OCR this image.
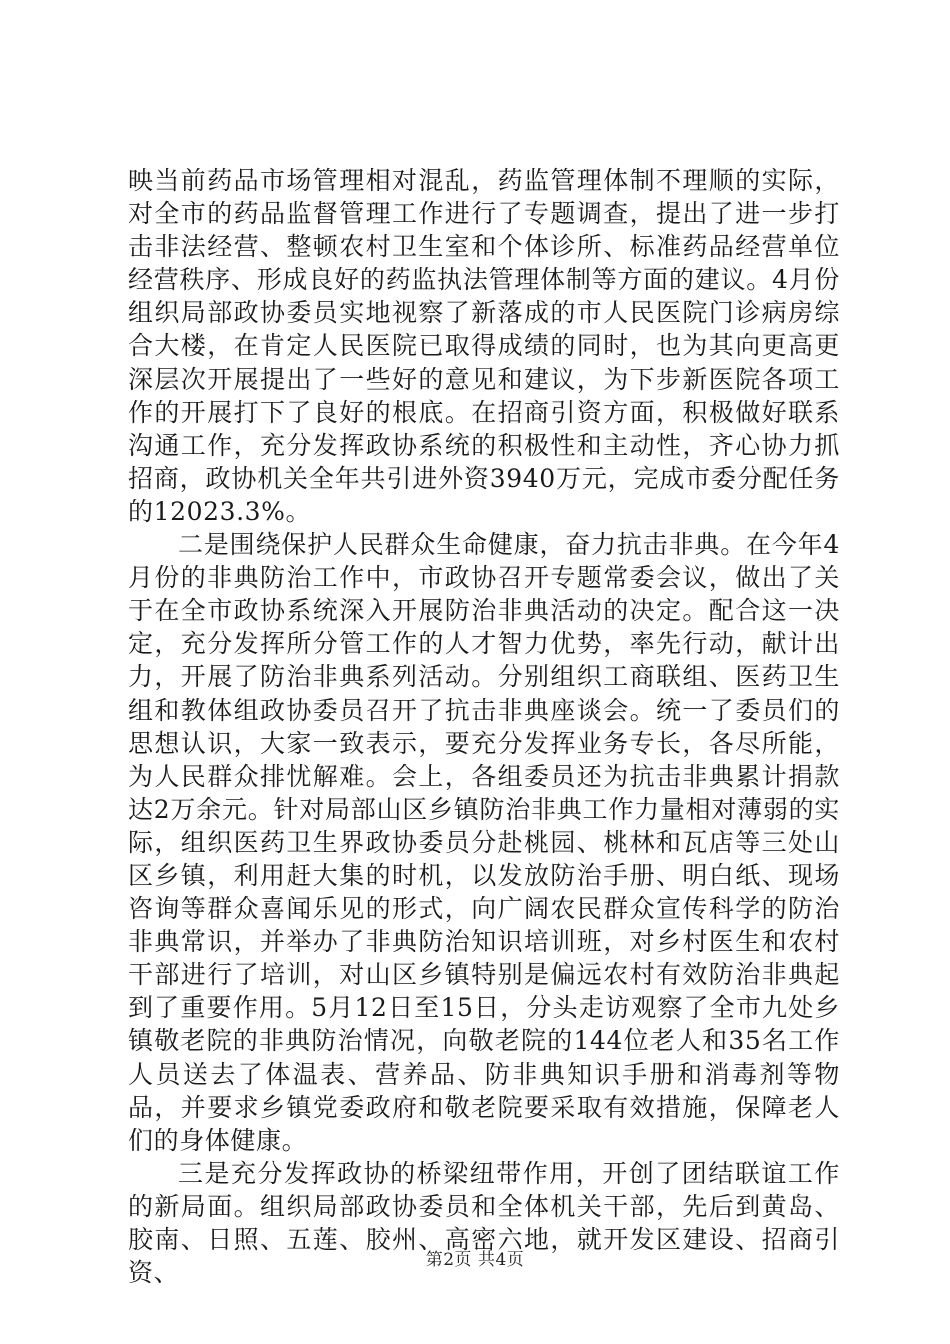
映当前药品市场管理相对混乱，药监管理体制不理顺的实际，对全市的药品监督管理工作进行了专题调查，提出了进一步打击非法经营、整顿农村卫生室和个体诊所、标准药品经营单位经营秩序、形成良好的药监执法管理体制等方面的建议。4月份组织局部政协委员实地视察了新落成的市人民医院门诊病房综合大楼，在肯定人民医院已取得成绩的同时，也为其向更高更深层次开展提出了一些好的意见和建议，为下步新医院各项工作的开展打下了良好的根底。在招商引资方面，积极做好联系沟通工作，充分发挥政协系统的积极性和主动性，齐心协力抓招商，政协机关全年共引进外资3940万元，完成市委分配任务的12023.3%。

二是围绕保护人民群众生命健康，奋力抗击非典。在今年4月份的非典防治工作中，市政协召开专题常委会议，做出了关于在全市政协系统深入开展防治非典活动的决定。配合这一决定，充分发挥所分管工作的人才智力优势，率先行动，献计出力，开展了防治非典系列活动。分别组织工商联组、医药卫生组和教体组政协委员召开了抗击非典座谈会。统一了委员们的思想认识，大家一致表示，要充分发挥业务专长，各尽所能，为人民群众排忧解难。会上，各组委员还为抗击非典累计捐款达2万余元。针对局部山区乡镇防治非典工作力量相对薄弱的实际，组织医药卫生界政协委员分赴桃园、桃林和瓦店等三处山区乡镇，利用赶大集的时机，以发放防治手册、明白纸、现场咨询等群众喜闻乐见的形式，向广阔农民群众宣传科学的防治非典常识，并举办了非典防治知识培训班，对乡村医生和农村干部进行了培训，对山区乡镇特别是偏远农村有效防治非典起到了重要作用。5月12日至15日，分头走访观察了全市九处乡镇敬老院的非典防治情况，向敬老院的144位老人和35名工作人员送去了体温表、营养品、防非典知识手册和消毒剂等物品，并要求乡镇党委政府和敬老院要采取有效措施，保障老人们的身体健康。

三是充分发挥政协的桥梁纽带作用，开创了团结联谊工作的新局面。组织局部政协委员和全体机关干部，先后到黄岛、胶南、日照、五莲、胶州、高密六地，就开发区建设、招商引资、	第2页 共4页
